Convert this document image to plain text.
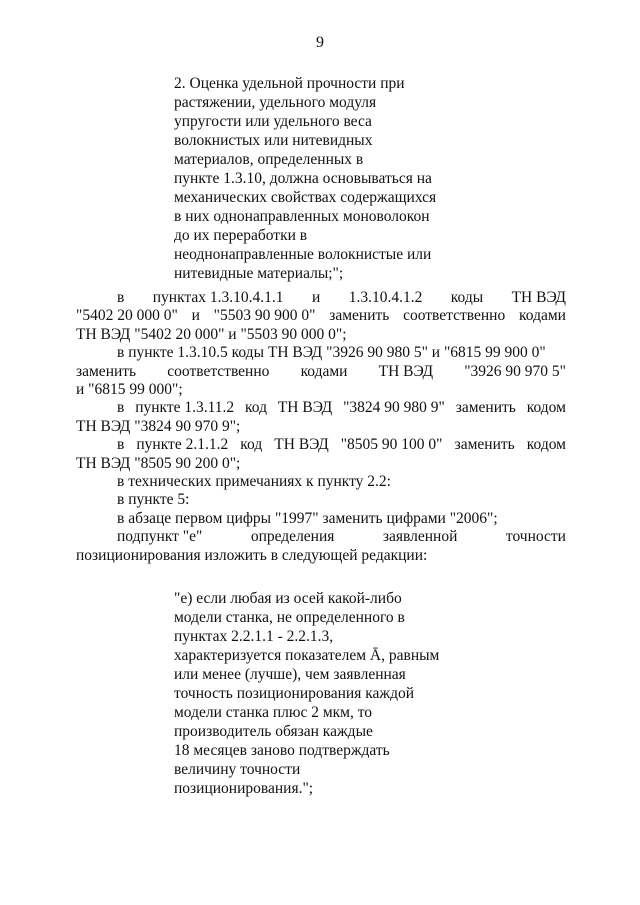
9
2. Оценка удельной прочности при
растяжении, удельного модуля
упругости или удельного веса
волокнистых или нитевидных
материалов, определенных в
пункте 1.3.10, должна основываться на
механических свойствах содержащихся
в них однонаправленных моноволокон
до их переработки в
неоднонаправленные волокнистые или
нитевидные материалы;";
в пунктах 1.3.10.4.1.1 и 1.3.10.4.1.2 коды ТН ВЭД
"5402 20 000 0" и "5503 90 900 0" заменить соответственно кодами
ТН ВЭД "5402 20 000" и "5503 90 000 0";
в пункте 1.3.10.5 коды ТН ВЭД "3926 90 980 5" и "6815 99 900 0"
заменить соответственно кодами ТН ВЭД "3926 90 970 5"
и "6815 99 000";
в пункте 1.3.11.2 код ТН ВЭД "3824 90 980 9" заменить кодом
ТН ВЭД "3824 90 970 9";
в пункте 2.1.1.2 код ТН ВЭД "8505 90 100 0" заменить кодом
ТН ВЭД "8505 90 200 0";
в технических примечаниях к пункту 2.2:
в пункте 5:
в абзаце первом цифры "1997" заменить цифрами "2006";
подпункт "е"	определения	заявленной	точности
позиционирования изложить в следующей редакции:
"е) если любая из осей какой-либо
модели станка, не определенного в
пунктах 2.2.1.1 - 2.2.1.3,
характеризуется показателем Ā, равным
или менее (лучше), чем заявленная
точность позиционирования каждой
модели станка плюс 2 мкм, то
производитель обязан каждые
18 месяцев заново подтверждать
величину точности
позиционирования.";
